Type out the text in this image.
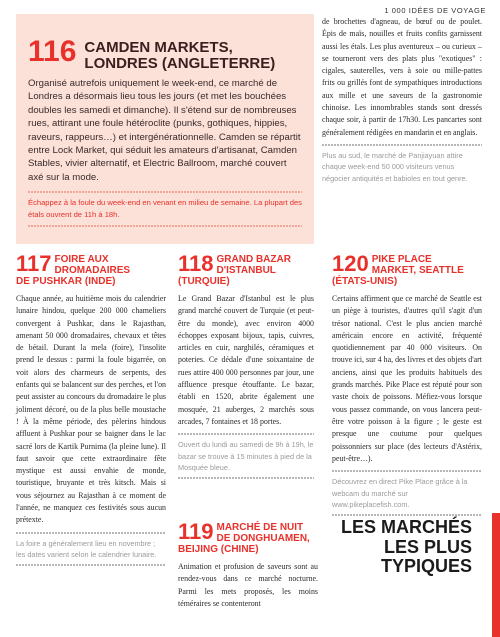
1 000 IDÉES DE VOYAGE
116 CAMDEN MARKETS,
LONDRES (ANGLETERRE)
Organisé autrefois uniquement le week-end, ce marché de Londres a désormais lieu tous les jours (et met les bouchées doubles les samedi et dimanche). Il s'étend sur de nombreuses rues, attirant une foule hétéroclite (punks, gothiques, hippies, raveurs, rappeurs…) et intergénérationnelle. Camden se répartit entre Lock Market, qui séduit les amateurs d'artisanat, Camden Stables, vivier alternatif, et Electric Ballroom, marché couvert axé sur la mode.
Échappez à la foule du week-end en venant en milieu de semaine. La plupart des étals ouvrent de 11h à 18h.
de brochettes d'agneau, de bœuf ou de poulet. Épis de maïs, nouilles et fruits confits garnissent aussi les étals. Les plus aventureux – ou curieux – se tourneront vers des plats plus "exotiques" : cigales, sauterelles, vers à soie ou mille-pattes frits ou grillés font de sympathiques introductions aux mille et une saveurs de la gastronomie chinoise. Les innombrables stands sont dressés chaque soir, à partir de 17h30. Les pancartes sont généralement rédigées en mandarin et en anglais.
Plus au sud, le marché de Panjiayuan attire chaque week-end 50 000 visiteurs venus négocier antiquités et babioles en tout genre.
117 FOIRE AUX
DROMADAIRES
DE PUSHKAR (INDE)
Chaque année, au huitième mois du calendrier lunaire hindou, quelque 200 000 chameliers convergent à Pushkar, dans le Rajasthan, amenant 50 000 dromadaires, chevaux et têtes de bétail. Durant la mela (foire), l'insolite prend le dessus : parmi la foule bigarrée, on voit alors des charmeurs de serpents, des enfants qui se balancent sur des perches, et l'on peut assister au concours du dromadaire le plus joliment décoré, ou de la plus belle moustache ! À la même période, des pèlerins hindous affluent à Pushkar pour se baigner dans le lac sacré lors de Kartik Purnima (la pleine lune). Il faut savoir que cette extraordinaire fête mystique est aussi envahie de monde, touristique, bruyante et très kitsch. Mais si vous séjournez au Rajasthan à ce moment de l'année, ne manquez ces festivités sous aucun prétexte.
La foire a généralement lieu en novembre ; les dates varient selon le calendrier lunaire.
118 GRAND BAZAR
D'ISTANBUL
(TURQUIE)
Le Grand Bazar d'Istanbul est le plus grand marché couvert de Turquie (et peut-être du monde), avec environ 4000 échoppes exposant bijoux, tapis, cuivres, articles en cuir, narghilés, céramiques et poteries. Ce dédale d'une soixantaine de rues attire 400 000 personnes par jour, une affluence presque étouffante. Le bazar, établi en 1520, abrite également une mosquée, 21 auberges, 2 marchés sous arcades, 7 fontaines et 18 portes.
Ouvert du lundi au samedi de 9h à 19h, le bazar se trouve à 15 minutes à pied de la Mosquée bleue.
119 MARCHÉ DE NUIT
DE DONGHUAMEN,
BEIJING (CHINE)
Animation et profusion de saveurs sont au rendez-vous dans ce marché nocturne. Parmi les mets proposés, les moins téméraires se contenteront
120 PIKE PLACE
MARKET, SEATTLE
(ÉTATS-UNIS)
Certains affirment que ce marché de Seattle est un piège à touristes, d'autres qu'il s'agit d'un trésor national. C'est le plus ancien marché américain encore en activité, fréquenté quotidiennement par 40 000 visiteurs. On trouve ici, sur 4 ha, des livres et des objets d'art anciens, ainsi que les produits habituels des grands marchés. Pike Place est réputé pour son vaste choix de poissons. Méfiez-vous lorsque vous passez commande, on vous lancera peut-être votre poisson à la figure ; le geste est presque une coutume pour quelques poissonniers sur place (des lecteurs d'Astérix, peut-être…).
Découvrez en direct Pike Place grâce à la webcam du marché sur www.pikeplacefish.com.
LES MARCHÉS
LES PLUS
TYPIQUES
